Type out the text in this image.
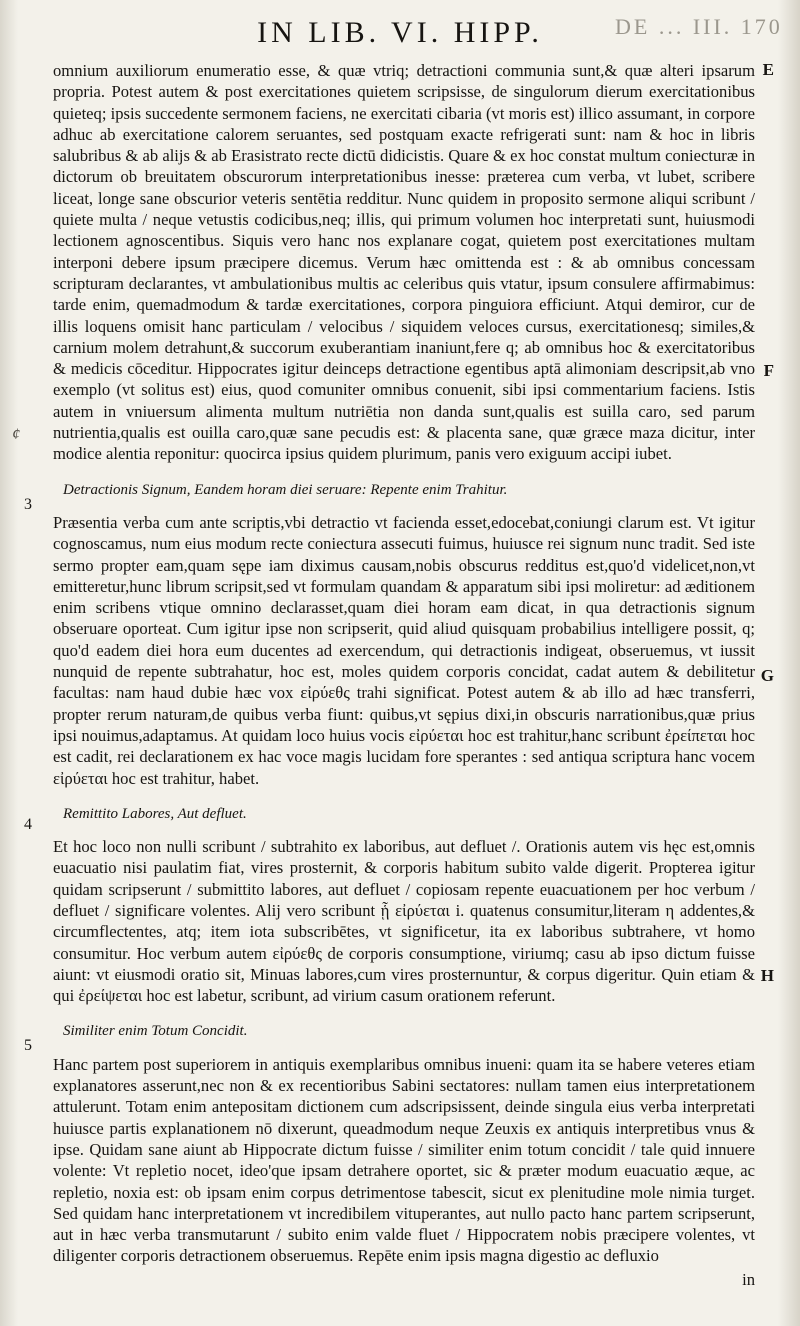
DE ... III. 170
IN LIB. VI. HIPP.
E
F
G
H
¢
3
4
5

omnium auxiliorum enumeratio esse, & quæ vtriq; detractioni communia sunt,& quæ alteri ipsarum propria. Potest autem & post exercitationes quietem scripsisse, de singulorum dierum exercitationibus quieteq; ipsis succedente sermonem faciens, ne exercitati cibaria (vt moris est) illico assumant, in corpore adhuc ab exercitatione calorem seruantes, sed postquam exacte refrigerati sunt: nam & hoc in libris salubribus & ab alijs & ab Erasistrato recte dictū didicistis. Quare & ex hoc constat multum coniecturæ in dictorum ob breuitatem obscurorum interpretationibus inesse: præterea cum verba, vt lubet, scribere liceat, longe sane obscurior veteris sentētia redditur. Nunc quidem in proposito sermone aliqui scribunt / quiete multa / neque vetustis codicibus,neq; illis, qui primum volumen hoc interpretati sunt, huiusmodi lectionem agnoscentibus. Siquis vero hanc nos explanare cogat, quietem post exercitationes multam interponi debere ipsum præcipere dicemus. Verum hæc omittenda est : & ab omnibus concessam scripturam declarantes, vt ambulationibus multis ac celeribus quis vtatur, ipsum consulere affirmabimus: tarde enim, quemadmodum & tardæ exercitationes, corpora pinguiora efficiunt. Atqui demiror, cur de illis loquens omisit hanc particulam / velocibus / siquidem veloces cursus, exercitationesq; similes,& carnium molem detrahunt,& succorum exuberantiam inaniunt,fere q; ab omnibus hoc & exercitatoribus & medicis cōceditur. Hippocrates igitur deinceps detractione egentibus aptā alimoniam descripsit,ab vno exemplo (vt solitus est) eius, quod comuniter omnibus conuenit, sibi ipsi commentarium faciens. Istis autem in vniuersum alimenta multum nutriētia non danda sunt,qualis est suilla caro, sed parum nutrientia,qualis est ouilla caro,quæ sane pecudis est: & placenta sane, quæ græce maza dicitur, inter modice alentia reponitur: quocirca ipsius quidem plurimum, panis vero exiguum accipi iubet.

Detractionis Signum, Eandem horam diei seruare: Repente enim Trahitur.

Præsentia verba cum ante scriptis,vbi detractio vt facienda esset,edocebat,coniungi clarum est. Vt igitur cognoscamus, num eius modum recte coniectura assecuti fuimus, huiusce rei signum nunc tradit. Sed iste sermo propter eam,quam sępe iam diximus causam,nobis obscurus redditus est,quo'd videlicet,non,vt emitteretur,hunc librum scripsit,sed vt formulam quandam & apparatum sibi ipsi moliretur: ad æditionem enim scribens vtique omnino declarasset,quam diei horam eam dicat, in qua detractionis signum obseruare oporteat. Cum igitur ipse non scripserit, quid aliud quisquam probabilius intelligere possit, q; quo'd eadem diei hora eum ducentes ad exercendum, qui detractionis indigeat, obseruemus, vt iussit nunquid de repente subtrahatur, hoc est, moles quidem corporis concidat, cadat autem & debilitetur facultas: nam haud dubie hæc vox εἰρύεθς trahi significat. Potest autem & ab illo ad hæc transferri, propter rerum naturam,de quibus verba fiunt: quibus,vt sępius dixi,in obscuris narrationibus,quæ prius ipsi nouimus,adaptamus. At quidam loco huius vocis εἰρύεται hoc est trahitur,hanc scribunt ἐρείπεται hoc est cadit, rei declarationem ex hac voce magis lucidam fore sperantes : sed antiqua scriptura hanc vocem εἰρύεται hoc est trahitur, habet.

Remittito Labores, Aut defluet.

Et hoc loco non nulli scribunt / subtrahito ex laboribus, aut defluet /. Orationis autem vis hęc est,omnis euacuatio nisi paulatim fiat, vires prosternit, & corporis habitum subito valde digerit. Propterea igitur quidam scripserunt / submittito labores, aut defluet / copiosam repente euacuationem per hoc verbum / defluet / significare volentes. Alij vero scribunt ᾗ εἰρύεται i. quatenus consumitur,literam η addentes,& circumflectentes, atq; item iota subscribētes, vt significetur, ita ex laboribus subtrahere, vt homo consumitur. Hoc verbum autem εἰρύεθς de corporis consumptione, viriumq; casu ab ipso dictum fuisse aiunt: vt eiusmodi oratio sit, Minuas labores,cum vires prosternuntur, & corpus digeritur. Quin etiam & qui ἐρείψεται hoc est labetur, scribunt, ad virium casum orationem referunt.

Similiter enim Totum Concidit.

Hanc partem post superiorem in antiquis exemplaribus omnibus inueni: quam ita se habere veteres etiam explanatores asserunt,nec non & ex recentioribus Sabini sectatores: nullam tamen eius interpretationem attulerunt. Totam enim antepositam dictionem cum adscripsissent, deinde singula eius verba interpretati huiusce partis explanationem nō dixerunt, queadmodum neque Zeuxis ex antiquis interpretibus vnus & ipse. Quidam sane aiunt ab Hippocrate dictum fuisse / similiter enim totum concidit / tale quid innuere volente: Vt repletio nocet, ideo'que ipsam detrahere oportet, sic & præter modum euacuatio æque, ac repletio, noxia est: ob ipsam enim corpus detrimentose tabescit, sicut ex plenitudine mole nimia turget. Sed quidam hanc interpretationem vt incredibilem vituperantes, aut nullo pacto hanc partem scripserunt, aut in hæc verba transmutarunt / subito enim valde fluet / Hippocratem nobis præcipere volentes, vt diligenter corporis detractionem obseruemus. Repēte enim ipsis magna digestio ac defluxio

in
